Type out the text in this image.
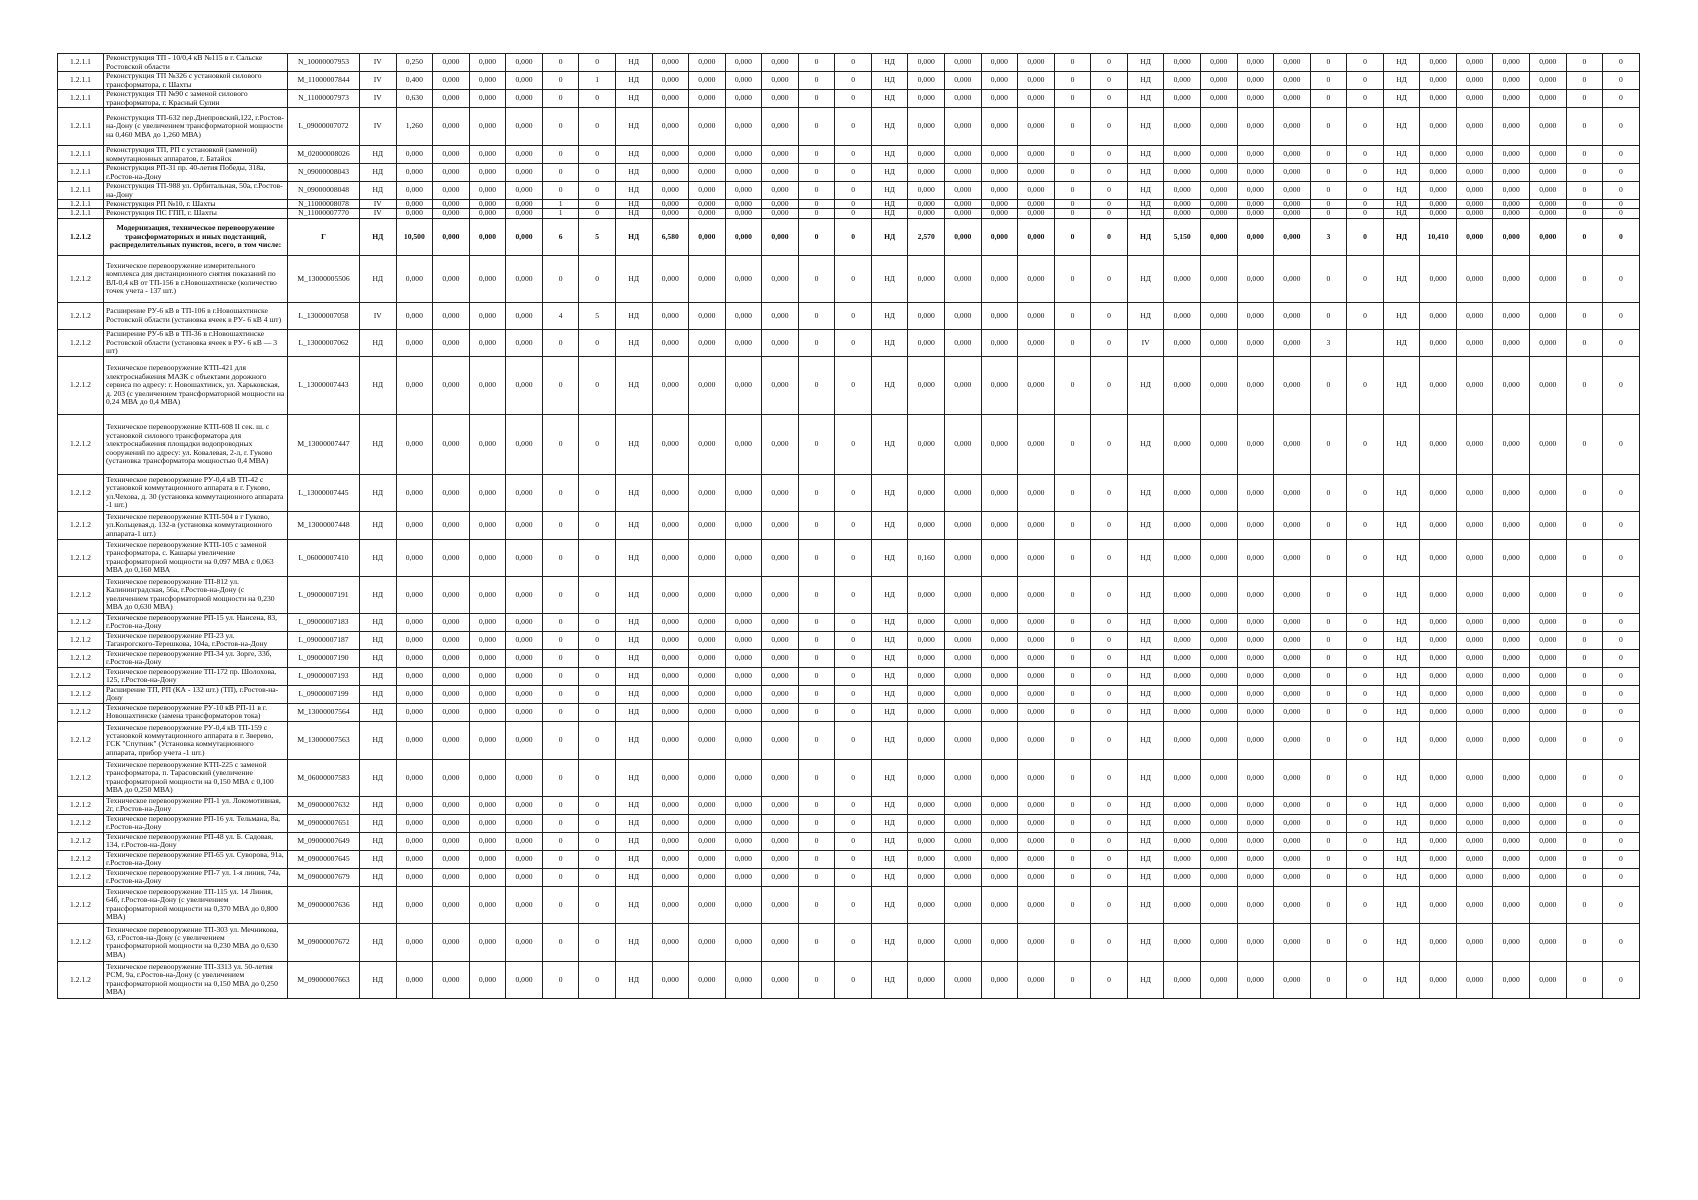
1.2.1.1	Реконструкция ТП - 10/0,4 кВ №115 в г. Сальске Ростовской области	N_10000007953	IV	0,250	0,000	0,000	0,000	0	0	НД	0,000	0,000	0,000	0,000	0	0	НД	0,000	0,000	0,000	0,000	0	0	НД	0,000	0,000	0,000	0,000	0	0	НД	0,000	0,000	0,000	0,000	0	0
1.2.1.1	Реконструкция ТП №326 с установкой силового трансформатора, г. Шахты	M_11000007844	IV	0,400	0,000	0,000	0,000	0	1	НД	0,000	0,000	0,000	0,000	0	0	НД	0,000	0,000	0,000	0,000	0	0	НД	0,000	0,000	0,000	0,000	0	0	НД	0,000	0,000	0,000	0,000	0	0
1.2.1.1	Реконструкция ТП №90 с заменой силового трансформатора, г. Красный Сулин	N_11000007973	IV	0,630	0,000	0,000	0,000	0	0	НД	0,000	0,000	0,000	0,000	0	0	НД	0,000	0,000	0,000	0,000	0	0	НД	0,000	0,000	0,000	0,000	0	0	НД	0,000	0,000	0,000	0,000	0	0
1.2.1.1	Реконструкция ТП-632 пер.Днепровский,122, г.Ростов-на-Дону (с увеличением трансформаторной мощности на 0,460 МВА до 1,260 МВА)	L_09000007072	IV	1,260	0,000	0,000	0,000	0	0	НД	0,000	0,000	0,000	0,000	0	0	НД	0,000	0,000	0,000	0,000	0	0	НД	0,000	0,000	0,000	0,000	0	0	НД	0,000	0,000	0,000	0,000	0	0
1.2.1.1	Реконструкция ТП, РП с установкой (заменой) коммутационных аппаратов, г. Батайск	M_02000008026	НД	0,000	0,000	0,000	0,000	0	0	НД	0,000	0,000	0,000	0,000	0	0	НД	0,000	0,000	0,000	0,000	0	0	НД	0,000	0,000	0,000	0,000	0	0	НД	0,000	0,000	0,000	0,000	0	0
1.2.1.1	Реконструкция РП-31 пр. 40-летия Победы, 318а, г.Ростов-на-Дону	N_09000008043	НД	0,000	0,000	0,000	0,000	0	0	НД	0,000	0,000	0,000	0,000	0	0	НД	0,000	0,000	0,000	0,000	0	0	НД	0,000	0,000	0,000	0,000	0	0	НД	0,000	0,000	0,000	0,000	0	0
1.2.1.1	Реконструкция ТП-988 ул. Орбитальная, 50а, г.Ростов-на-Дону	N_09000008048	НД	0,000	0,000	0,000	0,000	0	0	НД	0,000	0,000	0,000	0,000	0	0	НД	0,000	0,000	0,000	0,000	0	0	НД	0,000	0,000	0,000	0,000	0	0	НД	0,000	0,000	0,000	0,000	0	0
1.2.1.1	Реконструкция РП №10, г. Шахты	N_11000008078	IV	0,000	0,000	0,000	0,000	1	0	НД	0,000	0,000	0,000	0,000	0	0	НД	0,000	0,000	0,000	0,000	0	0	НД	0,000	0,000	0,000	0,000	0	0	НД	0,000	0,000	0,000	0,000	0	0
1.2.1.1	Реконструкция ПС ГПП, г. Шахты	N_11000007770	IV	0,000	0,000	0,000	0,000	1	0	НД	0,000	0,000	0,000	0,000	0	0	НД	0,000	0,000	0,000	0,000	0	0	НД	0,000	0,000	0,000	0,000	0	0	НД	0,000	0,000	0,000	0,000	0	0
1.2.1.2	Модернизация, техническое перевооружение трансформаторных и иных подстанций, распределительных пунктов, всего, в том числе:	Г	НД	10,500	0,000	0,000	0,000	6	5	НД	6,580	0,000	0,000	0,000	0	0	НД	2,570	0,000	0,000	0,000	0	0	НД	5,150	0,000	0,000	0,000	3	0	НД	10,410	0,000	0,000	0,000	0	0
1.2.1.2	Техническое перевооружение измерительного комплекса для дистанционного снятия показаний по ВЛ-0,4 кВ от ТП-156 в г.Новошахтинске (количество точек учета - 137 шт.)	M_13000005506	НД	0,000	0,000	0,000	0,000	0	0	НД	0,000	0,000	0,000	0,000	0	0	НД	0,000	0,000	0,000	0,000	0	0	НД	0,000	0,000	0,000	0,000	0	0	НД	0,000	0,000	0,000	0,000	0	0
1.2.1.2	Расширение РУ-6 кВ в ТП-106 в г.Новошахтинске Ростовской области (установка ячеек в РУ- 6 кВ 4 шт)	L_13000007058	IV	0,000	0,000	0,000	0,000	4	5	НД	0,000	0,000	0,000	0,000	0	0	НД	0,000	0,000	0,000	0,000	0	0	НД	0,000	0,000	0,000	0,000	0	0	НД	0,000	0,000	0,000	0,000	0	0
1.2.1.2	Расширение РУ-6 кВ в ТП-36 в г.Новошахтинске Ростовской области (установка ячеек в РУ- 6 кВ — 3 шт)	L_13000007062	НД	0,000	0,000	0,000	0,000	0	0	НД	0,000	0,000	0,000	0,000	0	0	НД	0,000	0,000	0,000	0,000	0	0	IV	0,000	0,000	0,000	0,000	3		НД	0,000	0,000	0,000	0,000	0	0
1.2.1.2	Техническое перевооружение КТП-421 для электроснабжения МАЗК с объектами дорожного сервиса по адресу: г. Новошахтинск, ул. Харьковская, д. 203 (с увеличением трансформаторной мощности на 0,24 МВА до 0,4 МВА)	L_13000007443	НД	0,000	0,000	0,000	0,000	0	0	НД	0,000	0,000	0,000	0,000	0	0	НД	0,000	0,000	0,000	0,000	0	0	НД	0,000	0,000	0,000	0,000	0	0	НД	0,000	0,000	0,000	0,000	0	0
1.2.1.2	Техническое перевооружение КТП-608 II сек. ш. с установкой силового трансформатора для электроснабжения площадки водопроводных сооружений по адресу: ул. Ковалевая, 2-л, г. Гуково (установка трансформатора мощностью 0,4 МВА)	M_13000007447	НД	0,000	0,000	0,000	0,000	0	0	НД	0,000	0,000	0,000	0,000	0	0	НД	0,000	0,000	0,000	0,000	0	0	НД	0,000	0,000	0,000	0,000	0	0	НД	0,000	0,000	0,000	0,000	0	0
1.2.1.2	Техническое перевооружение РУ-0,4 кВ ТП-42 с установкой коммутационного аппарата в г. Гуково, ул.Чехова, д. 30 (установка коммутационного аппарата -1 шт.)	L_13000007445	НД	0,000	0,000	0,000	0,000	0	0	НД	0,000	0,000	0,000	0,000	0	0	НД	0,000	0,000	0,000	0,000	0	0	НД	0,000	0,000	0,000	0,000	0	0	НД	0,000	0,000	0,000	0,000	0	0
1.2.1.2	Техническое перевооружение КТП-504 в г Гуково, ул.Кольцевая,д. 132-в (установка коммутационного аппарата-1 шт.)	M_13000007448	НД	0,000	0,000	0,000	0,000	0	0	НД	0,000	0,000	0,000	0,000	0	0	НД	0,000	0,000	0,000	0,000	0	0	НД	0,000	0,000	0,000	0,000	0	0	НД	0,000	0,000	0,000	0,000	0	0
1.2.1.2	Техническое перевооружение КТП-105 с заменой трансформатора, с. Кашары увеличение трансформаторной мощности на 0,097 МВА с 0,063 МВА до 0,160 МВА	L_06000007410	НД	0,000	0,000	0,000	0,000	0	0	НД	0,000	0,000	0,000	0,000	0	0	НД	0,160	0,000	0,000	0,000	0	0	НД	0,000	0,000	0,000	0,000	0	0	НД	0,000	0,000	0,000	0,000	0	0
1.2.1.2	Техническое перевооружение ТП-812 ул. Калининградская, 56а, г.Ростов-на-Дону (с увеличением трансформаторной мощности на 0,230 МВА до 0,630 МВА)	L_09000007191	НД	0,000	0,000	0,000	0,000	0	0	НД	0,000	0,000	0,000	0,000	0	0	НД	0,000	0,000	0,000	0,000	0	0	НД	0,000	0,000	0,000	0,000	0	0	НД	0,000	0,000	0,000	0,000	0	0
1.2.1.2	Техническое перевооружение РП-15 ул. Нансена, 83, г.Ростов-на-Дону	L_09000007183	НД	0,000	0,000	0,000	0,000	0	0	НД	0,000	0,000	0,000	0,000	0	0	НД	0,000	0,000	0,000	0,000	0	0	НД	0,000	0,000	0,000	0,000	0	0	НД	0,000	0,000	0,000	0,000	0	0
1.2.1.2	Техническое перевооружение РП-23 ул. Таганрогского-Терешкова, 104а, г.Ростов-на-Дону	L_09000007187	НД	0,000	0,000	0,000	0,000	0	0	НД	0,000	0,000	0,000	0,000	0	0	НД	0,000	0,000	0,000	0,000	0	0	НД	0,000	0,000	0,000	0,000	0	0	НД	0,000	0,000	0,000	0,000	0	0
1.2.1.2	Техническое перевооружение РП-34 ул. Зорге, 33б, г.Ростов-на-Дону	L_09000007190	НД	0,000	0,000	0,000	0,000	0	0	НД	0,000	0,000	0,000	0,000	0	0	НД	0,000	0,000	0,000	0,000	0	0	НД	0,000	0,000	0,000	0,000	0	0	НД	0,000	0,000	0,000	0,000	0	0
1.2.1.2	Техническое перевооружение ТП-172 пр. Шолохова, 125, г.Ростов-на-Дону	L_09000007193	НД	0,000	0,000	0,000	0,000	0	0	НД	0,000	0,000	0,000	0,000	0	0	НД	0,000	0,000	0,000	0,000	0	0	НД	0,000	0,000	0,000	0,000	0	0	НД	0,000	0,000	0,000	0,000	0	0
1.2.1.2	Расширение ТП, РП (КА - 132 шт.) (ТП), г.Ростов-на-Дону	L_09000007199	НД	0,000	0,000	0,000	0,000	0	0	НД	0,000	0,000	0,000	0,000	0	0	НД	0,000	0,000	0,000	0,000	0	0	НД	0,000	0,000	0,000	0,000	0	0	НД	0,000	0,000	0,000	0,000	0	0
1.2.1.2	Техническое перевооружение РУ-10 кВ РП-11 в г. Новошахтинске (замена трансформаторов тока)	M_13000007564	НД	0,000	0,000	0,000	0,000	0	0	НД	0,000	0,000	0,000	0,000	0	0	НД	0,000	0,000	0,000	0,000	0	0	НД	0,000	0,000	0,000	0,000	0	0	НД	0,000	0,000	0,000	0,000	0	0
1.2.1.2	Техническое перевооружение РУ-0,4 кВ ТП-159 с установкой коммутационного аппарата в г. Зверево, ГСК "Спутник" (Установка коммутационного аппарата, прибор учета -1 шт.)	M_13000007563	НД	0,000	0,000	0,000	0,000	0	0	НД	0,000	0,000	0,000	0,000	0	0	НД	0,000	0,000	0,000	0,000	0	0	НД	0,000	0,000	0,000	0,000	0	0	НД	0,000	0,000	0,000	0,000	0	0
1.2.1.2	Техническое перевооружение КТП-225 с заменой трансформатора, п. Тарасовский (увеличение трансформаторной мощности на 0,150 МВА с 0,100 МВА до 0,250 МВА)	M_06000007583	НД	0,000	0,000	0,000	0,000	0	0	НД	0,000	0,000	0,000	0,000	0	0	НД	0,000	0,000	0,000	0,000	0	0	НД	0,000	0,000	0,000	0,000	0	0	НД	0,000	0,000	0,000	0,000	0	0
1.2.1.2	Техническое перевооружение РП-1 ул. Локомотивная, 2г, г.Ростов-на-Дону	M_09000007632	НД	0,000	0,000	0,000	0,000	0	0	НД	0,000	0,000	0,000	0,000	0	0	НД	0,000	0,000	0,000	0,000	0	0	НД	0,000	0,000	0,000	0,000	0	0	НД	0,000	0,000	0,000	0,000	0	0
1.2.1.2	Техническое перевооружение РП-16 ул. Тельмана, 8а, г.Ростов-на-Дону	M_09000007651	НД	0,000	0,000	0,000	0,000	0	0	НД	0,000	0,000	0,000	0,000	0	0	НД	0,000	0,000	0,000	0,000	0	0	НД	0,000	0,000	0,000	0,000	0	0	НД	0,000	0,000	0,000	0,000	0	0
1.2.1.2	Техническое перевооружение РП-48 ул. Б. Садовая, 134, г.Ростов-на-Дону	M_09000007649	НД	0,000	0,000	0,000	0,000	0	0	НД	0,000	0,000	0,000	0,000	0	0	НД	0,000	0,000	0,000	0,000	0	0	НД	0,000	0,000	0,000	0,000	0	0	НД	0,000	0,000	0,000	0,000	0	0
1.2.1.2	Техническое перевооружение РП-65 ул. Суворова, 91а, г.Ростов-на-Дону	M_09000007645	НД	0,000	0,000	0,000	0,000	0	0	НД	0,000	0,000	0,000	0,000	0	0	НД	0,000	0,000	0,000	0,000	0	0	НД	0,000	0,000	0,000	0,000	0	0	НД	0,000	0,000	0,000	0,000	0	0
1.2.1.2	Техническое перевооружение РП-7 ул. 1-я линия, 74а, г.Ростов-на-Дону	M_09000007679	НД	0,000	0,000	0,000	0,000	0	0	НД	0,000	0,000	0,000	0,000	0	0	НД	0,000	0,000	0,000	0,000	0	0	НД	0,000	0,000	0,000	0,000	0	0	НД	0,000	0,000	0,000	0,000	0	0
1.2.1.2	Техническое перевооружение ТП-115 ул. 14 Линия, 64б, г.Ростов-на-Дону (с увеличением трансформаторной мощности на 0,370 МВА до 0,800 МВА)	M_09000007636	НД	0,000	0,000	0,000	0,000	0	0	НД	0,000	0,000	0,000	0,000	0	0	НД	0,000	0,000	0,000	0,000	0	0	НД	0,000	0,000	0,000	0,000	0	0	НД	0,000	0,000	0,000	0,000	0	0
1.2.1.2	Техническое перевооружение ТП-303 ул. Мечникова, 63, г.Ростов-на-Дону (с увеличением трансформаторной мощности на 0,230 МВА до 0,630 МВА)	M_09000007672	НД	0,000	0,000	0,000	0,000	0	0	НД	0,000	0,000	0,000	0,000	0	0	НД	0,000	0,000	0,000	0,000	0	0	НД	0,000	0,000	0,000	0,000	0	0	НД	0,000	0,000	0,000	0,000	0	0
1.2.1.2	Техническое перевооружение ТП-3313 ул. 50-летия РСМ, 9а, г.Ростов-на-Дону (с увеличением трансформаторной мощности на 0,150 МВА до 0,250 МВА)	M_09000007663	НД	0,000	0,000	0,000	0,000	0	0	НД	0,000	0,000	0,000	0,000	0	0	НД	0,000	0,000	0,000	0,000	0	0	НД	0,000	0,000	0,000	0,000	0	0	НД	0,000	0,000	0,000	0,000	0	0
